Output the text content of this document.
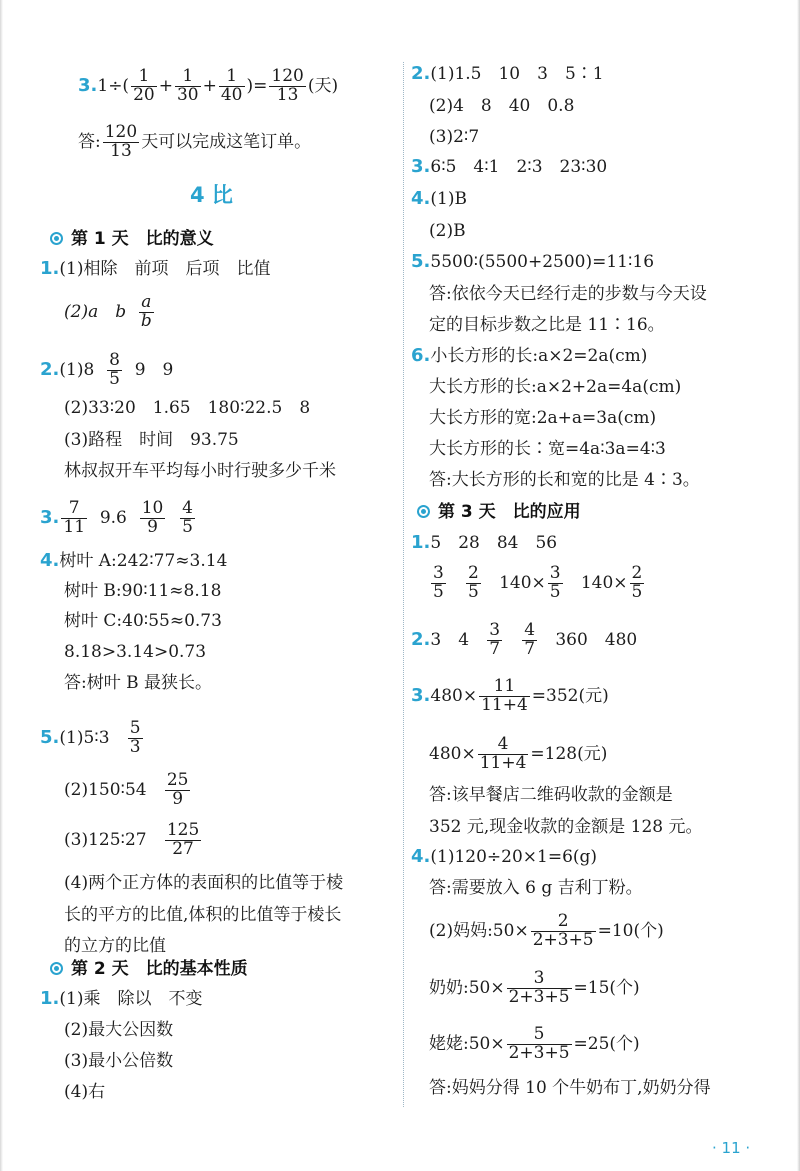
$3.1\div( \frac{1}{20} + \frac{1}{30} + \frac{1}{40}$ )= $\frac{120}{13}$ (天)
答: $\frac{120}{13}$ 天可以完成这笔订单。
4 比
第 1 天　比的意义
1.(1)相除　前项　后项　比值
(2)a　b $\frac{a}{b}$
$2.(1)8 \frac{8}{5} 9$　9
(2)33∶20　1.65　180∶22.5　8
(3)路程　时间　93.75
林叔叔开车平均每小时行驶多少千米
3. $\frac{7}{11} 9.6 \frac{10}{9}$
$\frac{4}{5}$
4.树叶 A:242∶77≈3.14
树叶 B:90∶11≈8.18
树叶 C:40∶55≈0.73
8.18>3.14>0.73
答:树叶 B 最狭长。
5.(1)5∶3 $\frac{5}{3}$
(2)150∶54 $\frac{25}{9}$
(3)125∶27 $\frac{125}{27}$
(4)两个正方体的表面积的比值等于棱
长的平方的比值,体积的比值等于棱长
的立方的比值
第 2 天　比的基本性质
1.(1)乘　除以　不变
(2)最大公因数
(3)最小公倍数
(4)右
2.(1)1.5　10　3　5∶1
(2)4　8　40　0.8
(3)2∶7
3.6∶5　4∶1　2∶3　23∶30
4.(1)B
(2)B
5.5500∶(5500+2500)=11∶16
答:依依今天已经行走的步数与今天设
定的目标步数之比是 11∶16。
6.小长方形的长:a×2=2a(cm)
大长方形的长:a×2+2a=4a(cm)
大长方形的宽:2a+a=3a(cm)
大长方形的长∶宽=4a∶3a=4∶3
答:大长方形的长和宽的比是 4∶3。
第 3 天　比的应用
1.5　28　84　56
$\frac{3}{5}$
$\frac{2}{5} 140\times \frac{3}{5} 140\times \frac{2}{5}$
2.3　$4 \frac{3}{7}$
$\frac{4}{7} 360$　480
$3.480\times \frac{11}{11+4} =352$(元)
$480\times \frac{4}{11+4} =128$(元)
答:该早餐店二维码收款的金额是
352 元,现金收款的金额是 128 元。
4.(1)120÷20×1=6(g)
答:需要放入 6 g 吉利丁粉。
(2)妈妈:50× $\frac{2}{2+3+5} =10$(个)
奶奶:50× $\frac{3}{2+3+5} =15$(个)
姥姥:50× $\frac{5}{2+3+5} =25$(个)
答:妈妈分得 10 个牛奶布丁,奶奶分得
· 11 ·
